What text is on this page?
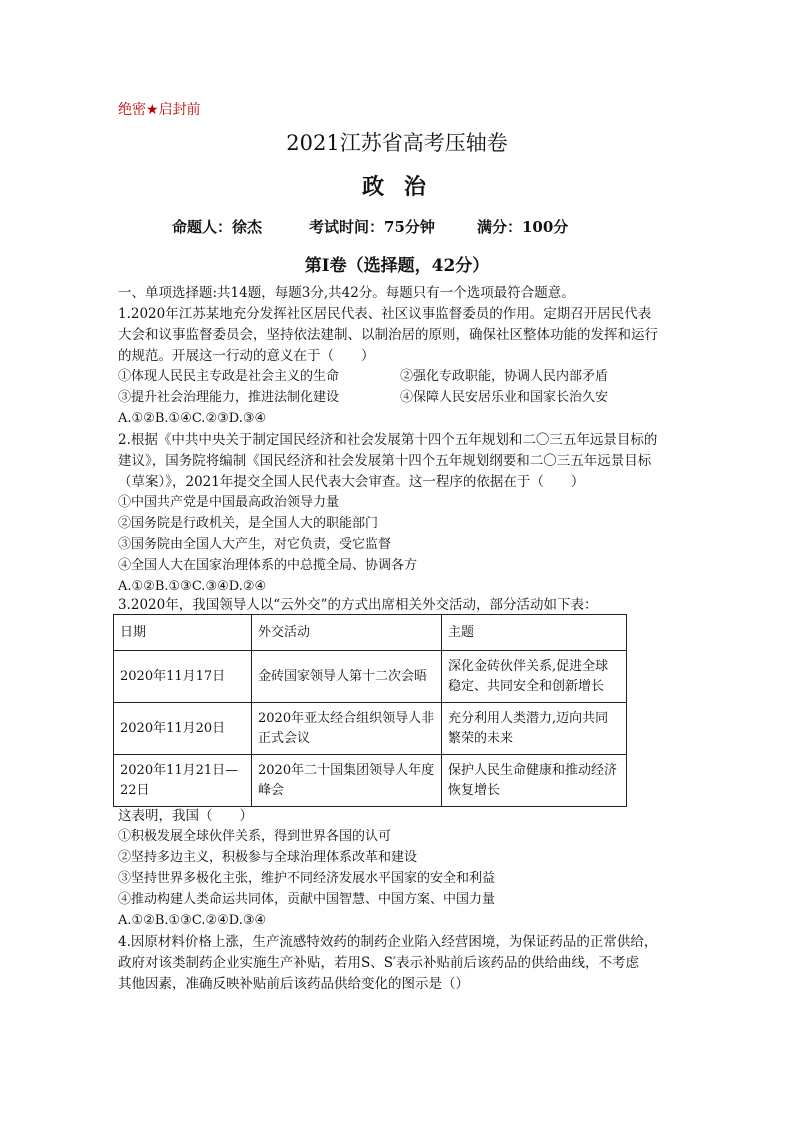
绝密★启封前
2021江苏省高考压轴卷
政 治
命题人：徐杰	考试时间：75分钟	满分：100分
第I卷（选择题，42分）
一、单项选择题:共14题，每题3分,共42分。每题只有一个选项最符合题意。
1.2020年江苏某地充分发挥社区居民代表、社区议事监督委员的作用。定期召开居民代表
大会和议事监督委员会，坚持依法建制、以制治居的原则，确保社区整体功能的发挥和运行
的规范。开展这一行动的意义在于（　　）
①体现人民民主专政是社会主义的生命	②强化专政职能，协调人民内部矛盾
③提升社会治理能力，推进法制化建设	④保障人民安居乐业和国家长治久安
A.①②B.①④C.②③D.③④
2.根据《中共中央关于制定国民经济和社会发展第十四个五年规划和二〇三五年远景目标的
建议》，国务院将编制《国民经济和社会发展第十四个五年规划纲要和二〇三五年远景目标
（草案）》，2021年提交全国人民代表大会审查。这一程序的依据在于（　　）
①中国共产党是中国最高政治领导力量
②国务院是行政机关，是全国人大的职能部门
③国务院由全国人大产生，对它负责，受它监督
④全国人大在国家治理体系的中总揽全局、协调各方
A.①②B.①③C.③④D.②④
3.2020年，我国领导人以“云外交”的方式出席相关外交活动，部分活动如下表：
日期	外交活动	主题
2020年11月17日	金砖国家领导人第十二次会晤	深化金砖伙伴关系,促进全球稳定、共同安全和创新增长
2020年11月20日	2020年亚太经合组织领导人非正式会议	充分利用人类潜力,迈向共同繁荣的未来
2020年11月21日—22日	2020年二十国集团领导人年度峰会	保护人民生命健康和推动经济恢复增长
这表明，我国（　　）
①积极发展全球伙伴关系，得到世界各国的认可
②坚持多边主义，积极参与全球治理体系改革和建设
③坚持世界多极化主张，维护不同经济发展水平国家的安全和利益
④推动构建人类命运共同体，贡献中国智慧、中国方案、中国力量
A.①②B.①③C.②④D.③④
4.因原材料价格上涨，生产流感特效药的制药企业陷入经营困境，为保证药品的正常供给，
政府对该类制药企业实施生产补贴，若用S、S′表示补贴前后该药品的供给曲线，不考虑
其他因素，准确反映补贴前后该药品供给变化的图示是（）
